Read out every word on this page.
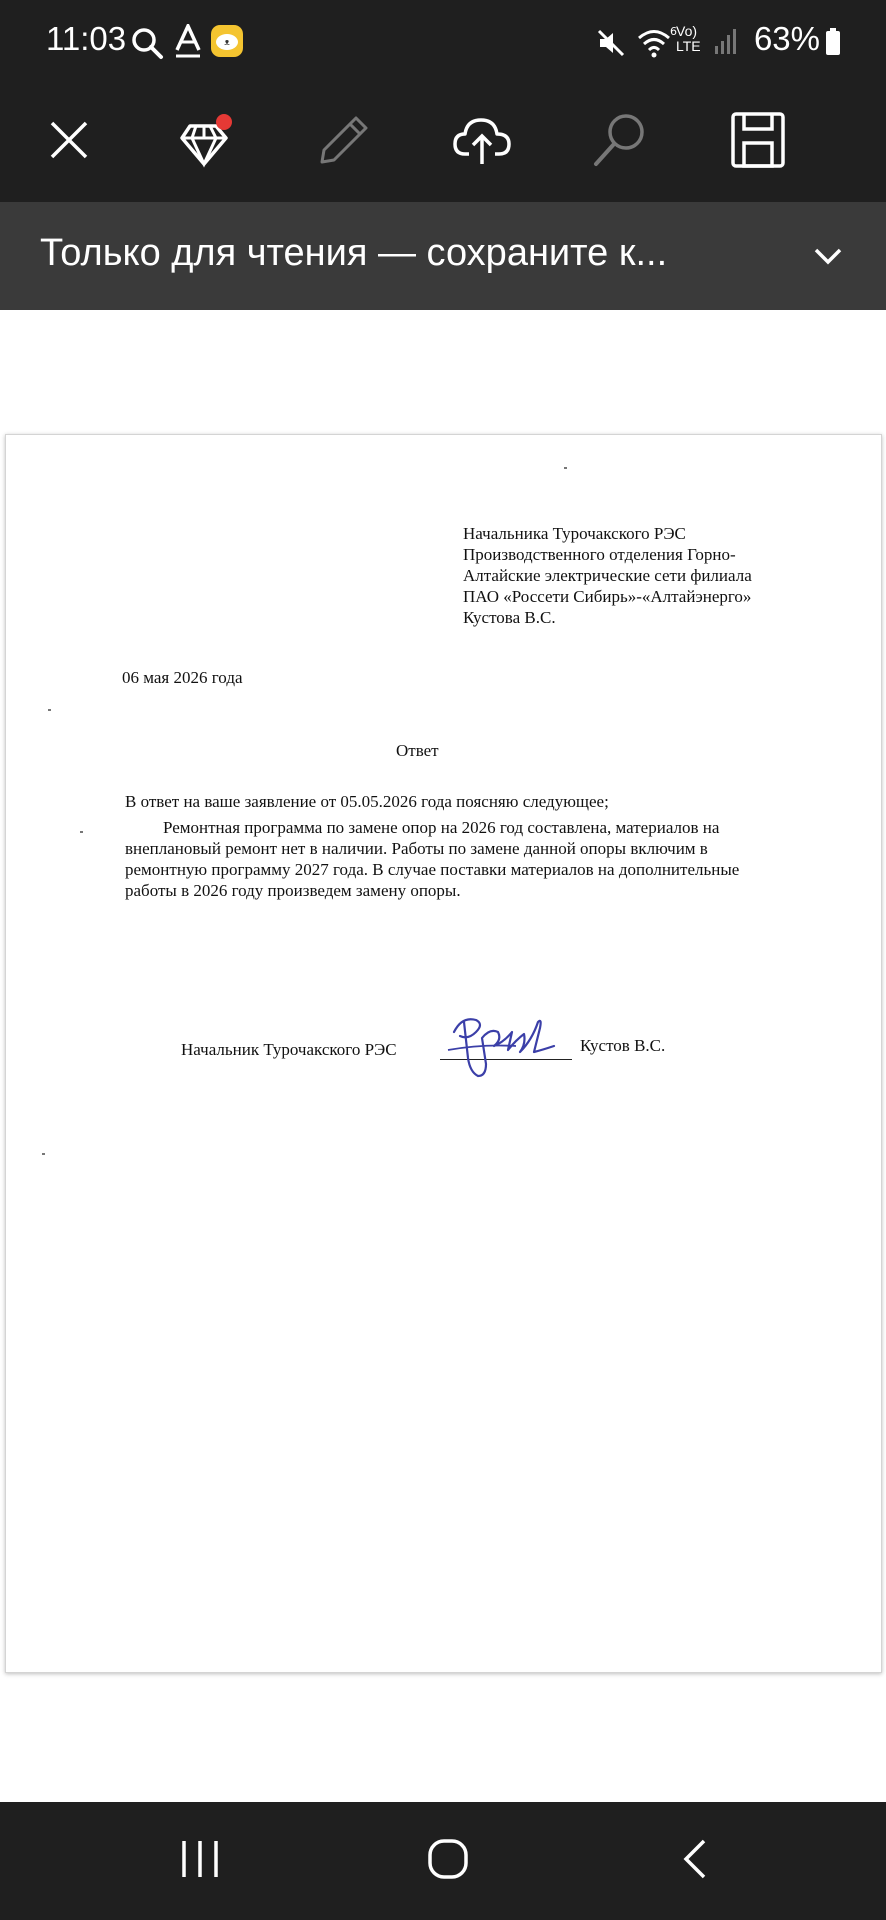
11:03	ᴥ
6 Vo)
LTE 63%
Только для чтения — сохраните к...
Начальника Турочакского РЭС
Производственного отделения Горно-
Алтайские электрические сети филиала
ПАО «Россети Сибирь»-«Алтайэнерго»
Кустова В.С.
06 мая 2026 года
Ответ
В ответ на ваше заявление от 05.05.2026 года поясняю следующее;
Ремонтная программа по замене опор на 2026 год составлена, материалов на
внеплановый ремонт нет в наличии. Работы по замене данной опоры включим в
ремонтную программу 2027 года. В случае поставки материалов на дополнительные
работы в 2026 году произведем замену опоры.
Начальник Турочакского РЭС	Кустов В.С.
